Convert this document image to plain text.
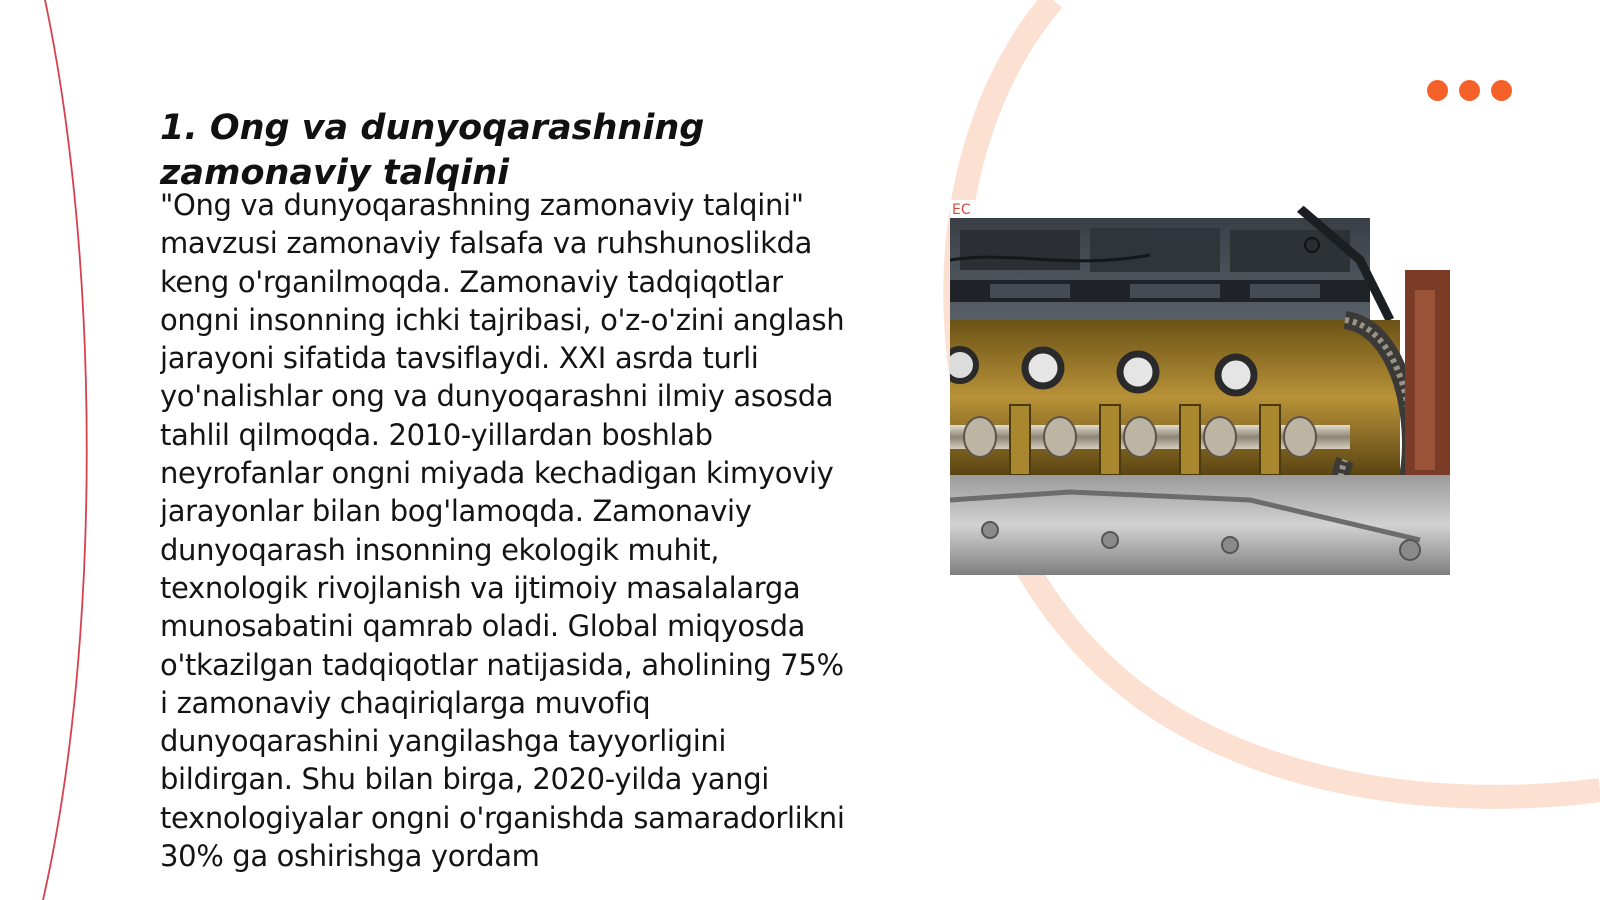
1. Ong va dunyoqarashning zamonaviy talqini
"Ong va dunyoqarashning zamonaviy talqini" mavzusi zamonaviy falsafa va ruhshunoslikda keng o'rganilmoqda. Zamonaviy tadqiqotlar ongni insonning ichki tajribasi, o'z-o'zini anglash jarayoni sifatida tavsiflaydi. XXI asrda turli yo'nalishlar ong va dunyoqarashni ilmiy asosda tahlil qilmoqda. 2010-yillardan boshlab neyrofanlar ongni miyada kechadigan kimyoviy jarayonlar bilan bog'lamoqda. Zamonaviy dunyoqarash insonning ekologik muhit, texnologik rivojlanish va ijtimoiy masalalarga munosabatini qamrab oladi. Global miqyosda o'tkazilgan tadqiqotlar natijasida, aholining 75% i zamonaviy chaqiriqlarga muvofiq dunyoqarashini yangilashga tayyorligini bildirgan. Shu bilan birga, 2020-yilda yangi texnologiyalar ongni o'rganishda samaradorlikni 30% ga oshirishga yordam
EC
